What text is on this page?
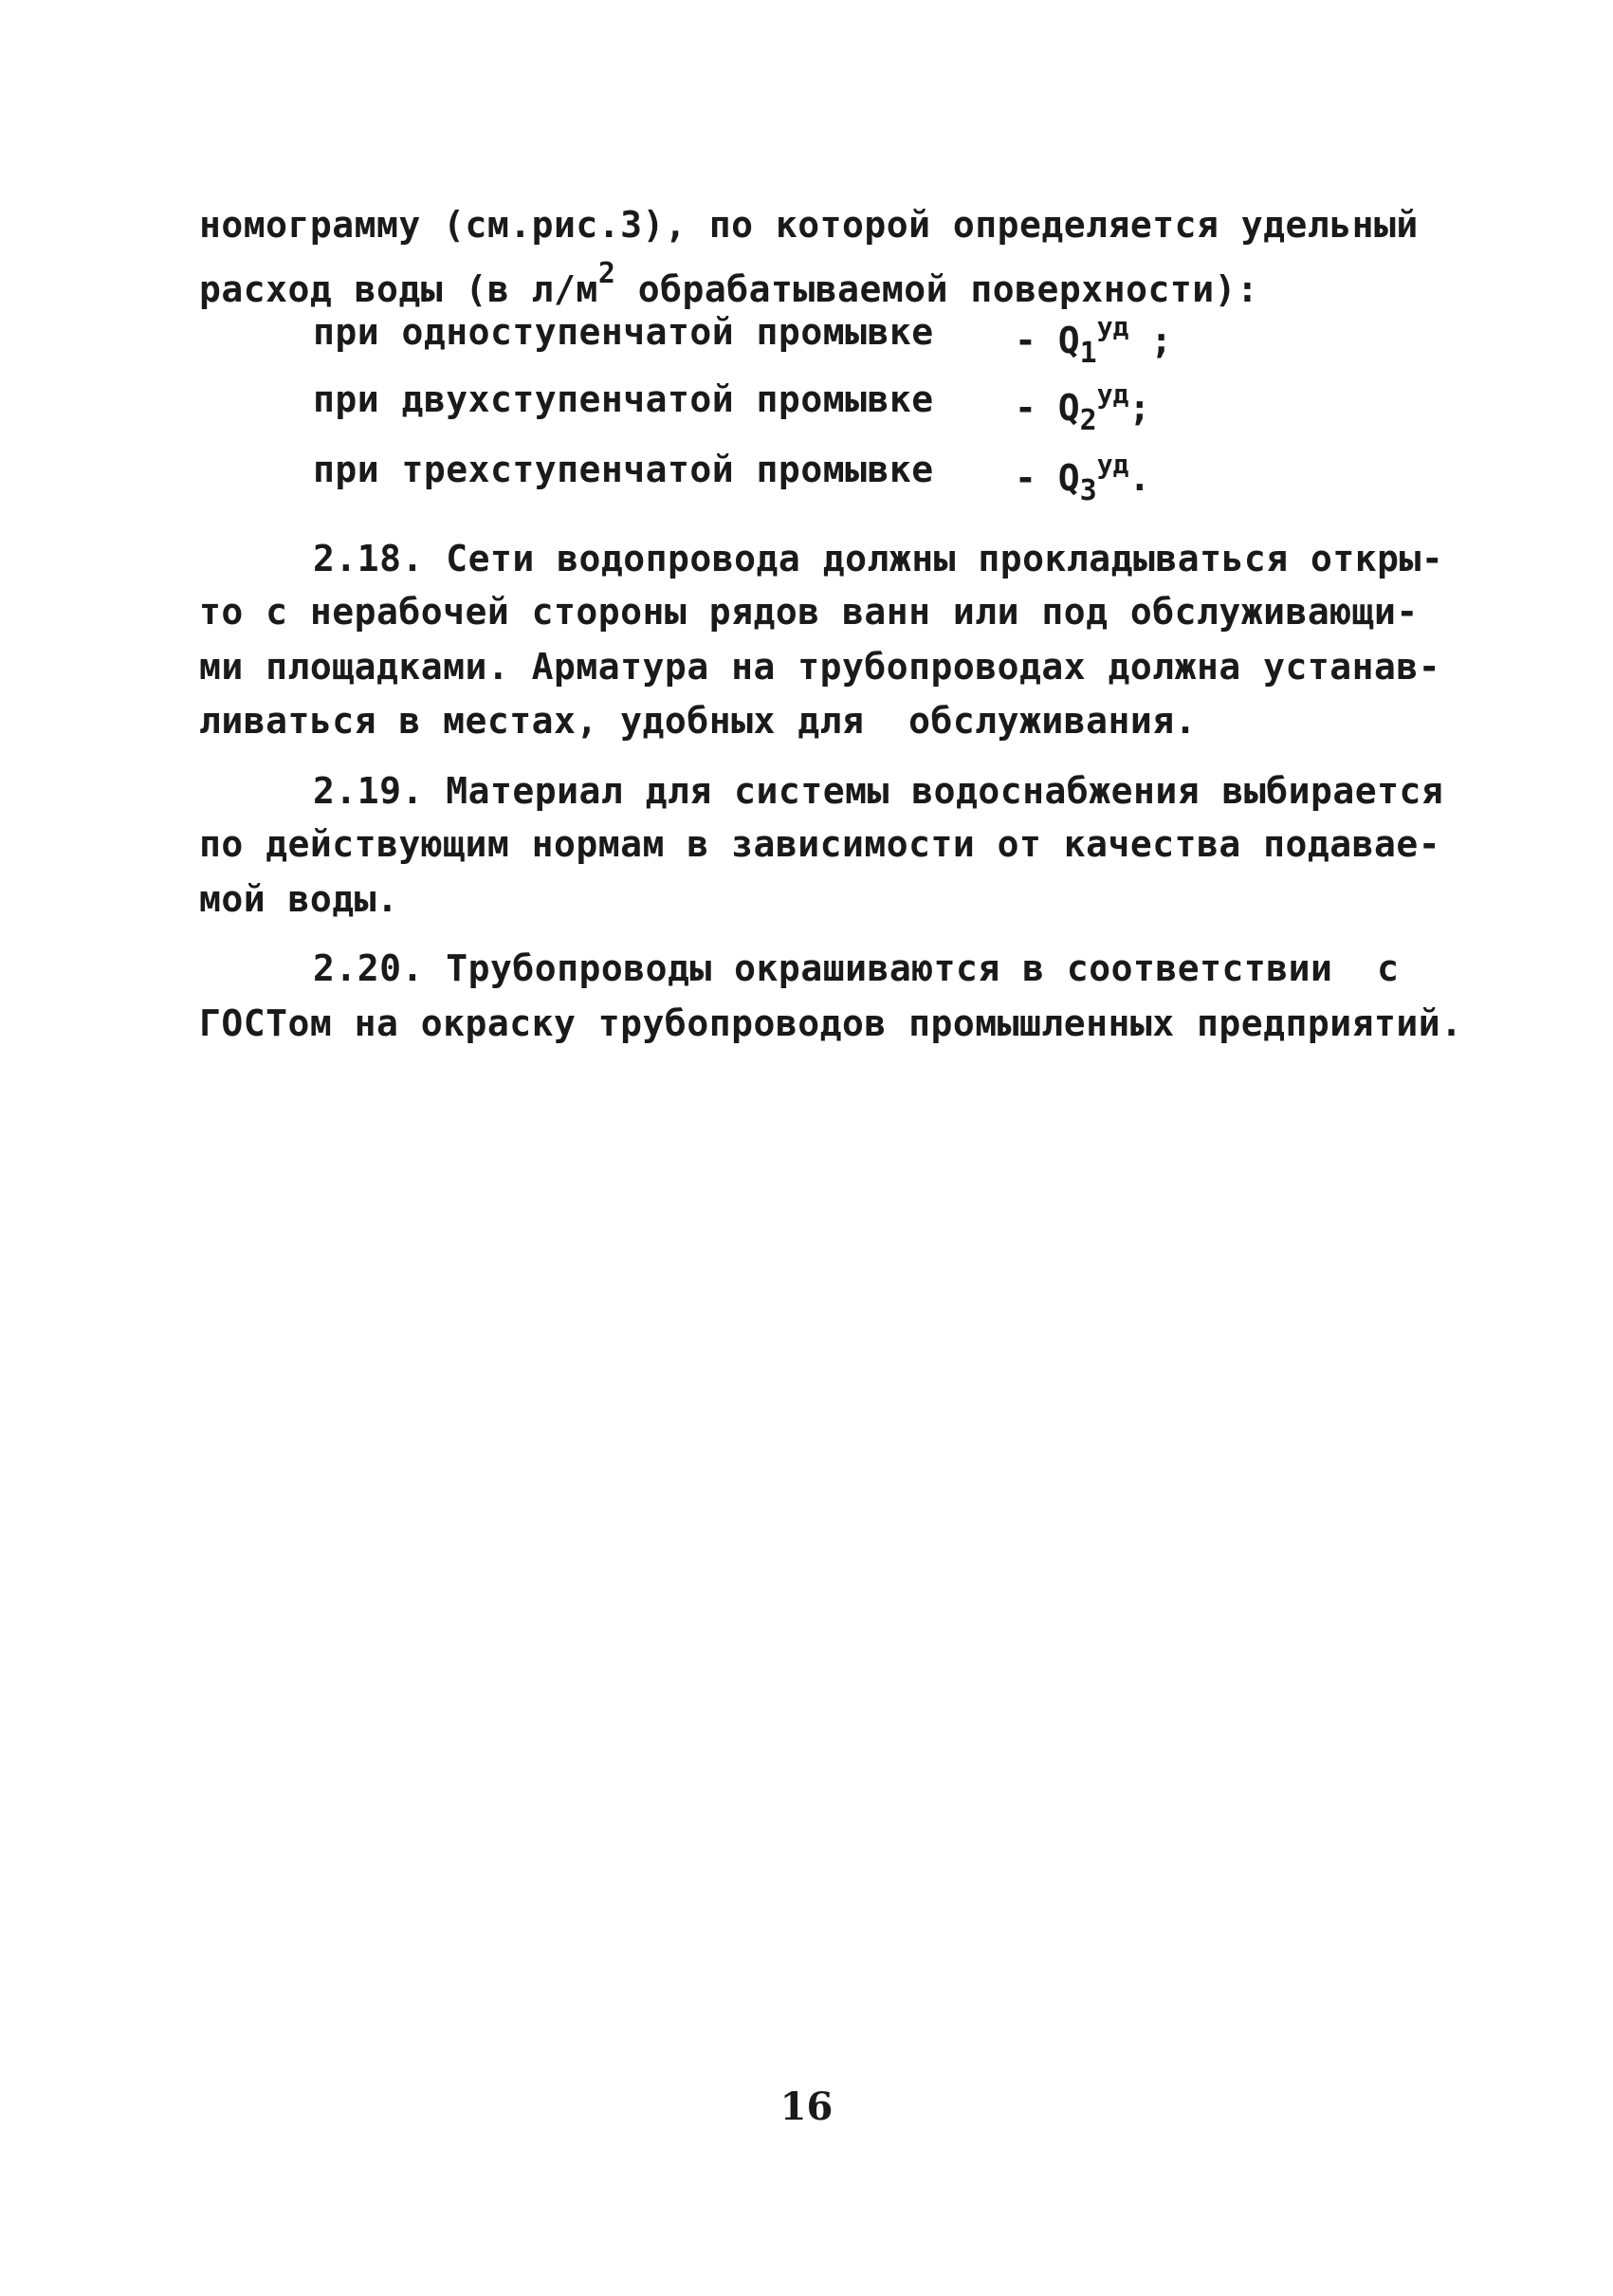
номограмму (см.рис.3), по которой определяется удельный
расход воды (в $л/м^2$ обрабатываемой поверхности):
при одноступенчатой промывке - $Q_1^{уд}$ ;
при двухступенчатой промывке - $Q_2^{уд}$;
при трехступенчатой промывке - $Q_3^{уд}$.
2.18. Сети водопровода должны прокладываться откры-
то с нерабочей стороны рядов ванн или под обслуживающи-
ми площадками. Арматура на трубопроводах должна устанав-
ливаться в местах, удобных для  обслуживания.
2.19. Материал для системы водоснабжения выбирается
по действующим нормам в зависимости от качества подавае-
мой воды.
2.20. Трубопроводы окрашиваются в соответствии  с
ГОСТом на окраску трубопроводов промышленных предприятий.
16
